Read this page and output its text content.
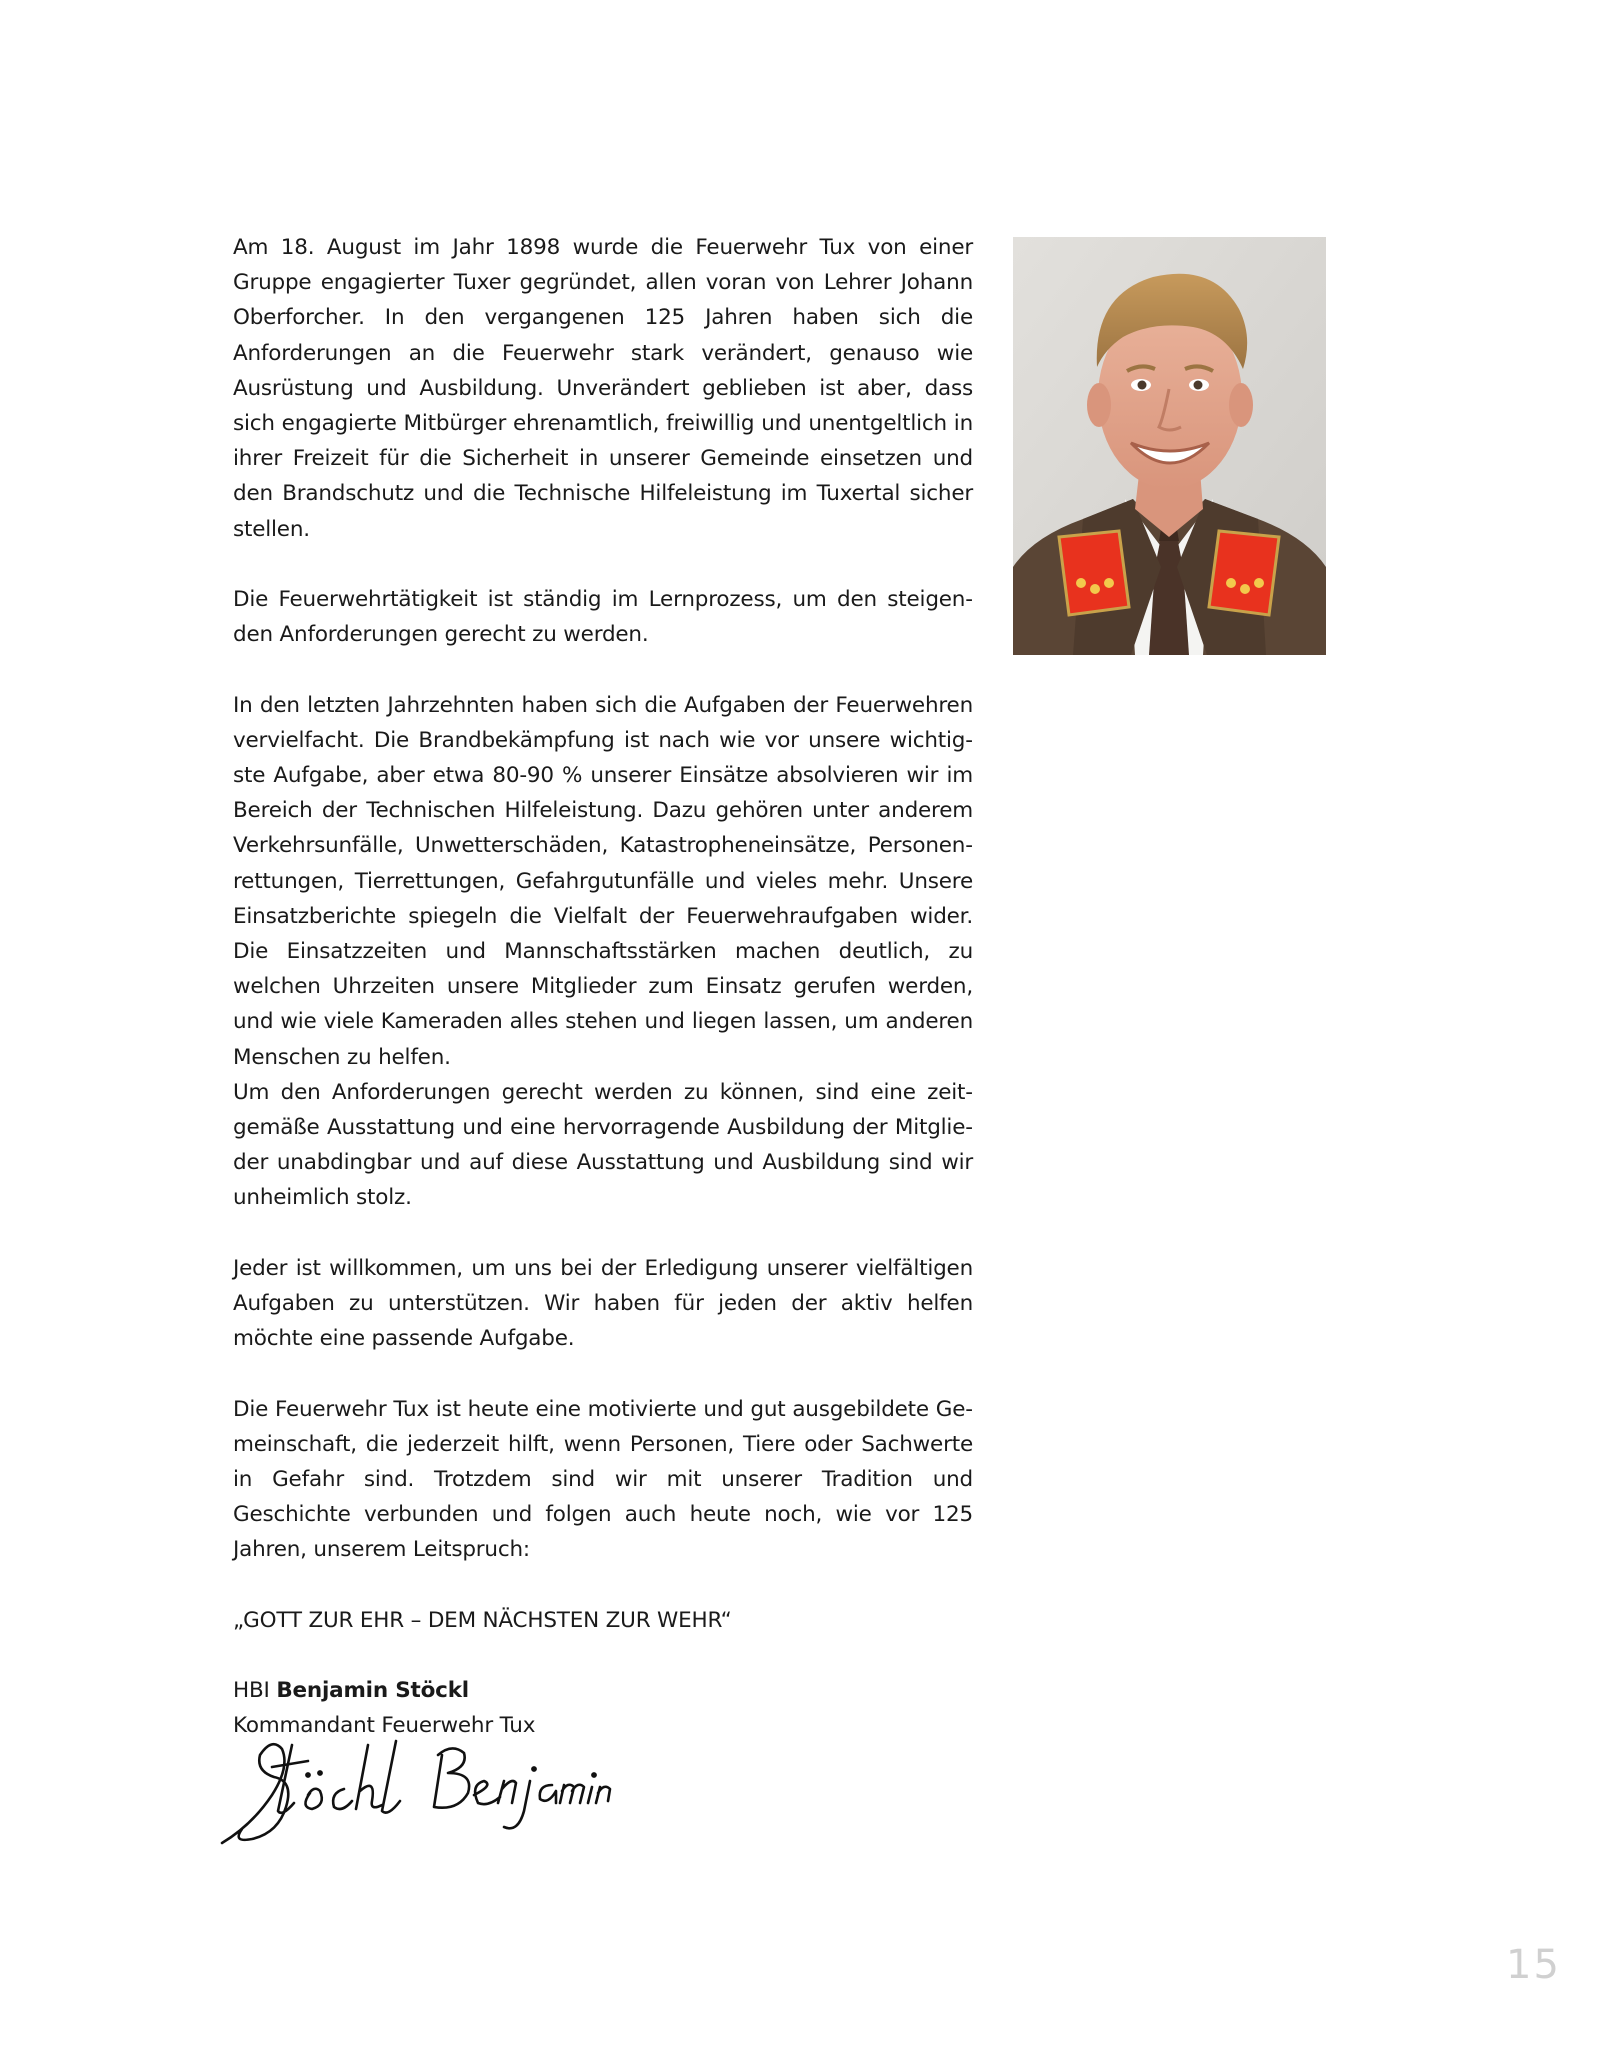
Am 18. August im Jahr 1898 wurde die Feuerwehr Tux von einer Gruppe engagierter Tuxer gegründet, allen voran von Lehrer Johann Oberforcher. In den vergangenen 125 Jahren haben sich die Anforderungen an die Feuerwehr stark verändert, genauso wie Ausrüstung und Ausbildung. Unverändert geblieben ist aber, dass sich engagierte Mitbürger ehrenamtlich, freiwillig und unentgeltlich in ihrer Freizeit für die Sicherheit in unserer Gemeinde einsetzen und den Brandschutz und die Technische Hilfeleistung im Tuxertal sicher stellen.

Die Feuerwehrtätigkeit ist ständig im Lernprozess, um den steigenden Anforderungen gerecht zu werden.

In den letzten Jahrzehnten haben sich die Aufgaben der Feuerwehren vervielfacht. Die Brandbekämpfung ist nach wie vor unsere wichtigste Aufgabe, aber etwa 80-90 % unserer Einsätze absolvieren wir im Bereich der Technischen Hilfeleistung. Dazu gehören unter anderem Verkehrsunfälle, Unwetterschäden, Katastropheneinsätze, Personenrettungen, Tierrettungen, Gefahrgutunfälle und vieles mehr. Unsere Einsatzberichte spiegeln die Vielfalt der Feuerwehraufgaben wider. Die Einsatzzeiten und Mannschaftsstärken machen deutlich, zu welchen Uhrzeiten unsere Mitglieder zum Einsatz gerufen werden, und wie viele Kameraden alles stehen und liegen lassen, um anderen Menschen zu helfen.

Um den Anforderungen gerecht werden zu können, sind eine zeitgemäße Ausstattung und eine hervorragende Ausbildung der Mitglieder unabdingbar und auf diese Ausstattung und Ausbildung sind wir unheimlich stolz.

Jeder ist willkommen, um uns bei der Erledigung unserer vielfältigen Aufgaben zu unterstützen. Wir haben für jeden der aktiv helfen möchte eine passende Aufgabe.

Die Feuerwehr Tux ist heute eine motivierte und gut ausgebildete Gemeinschaft, die jederzeit hilft, wenn Personen, Tiere oder Sachwerte in Gefahr sind. Trotzdem sind wir mit unserer Tradition und Geschichte verbunden und folgen auch heute noch, wie vor 125 Jahren, unserem Leitspruch:

„GOTT ZUR EHR – DEM NÄCHSTEN ZUR WEHR“

HBI Benjamin Stöckl

Kommandant Feuerwehr Tux

15
